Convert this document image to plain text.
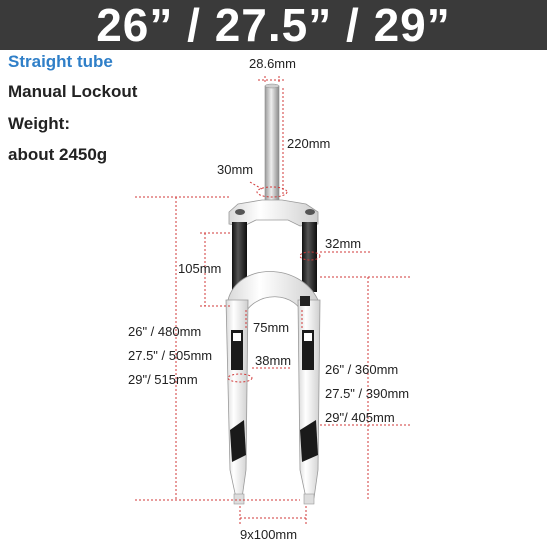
26” / 27.5” / 29”
Straight tube
Manual Lockout
Weight:
about 2450g
28.6mm
220mm
30mm
32mm
105mm
26" / 480mm
27.5" / 505mm
29"/ 515mm
75mm
38mm
26" / 360mm
27.5" / 390mm
29"/ 405mm
9x100mm
